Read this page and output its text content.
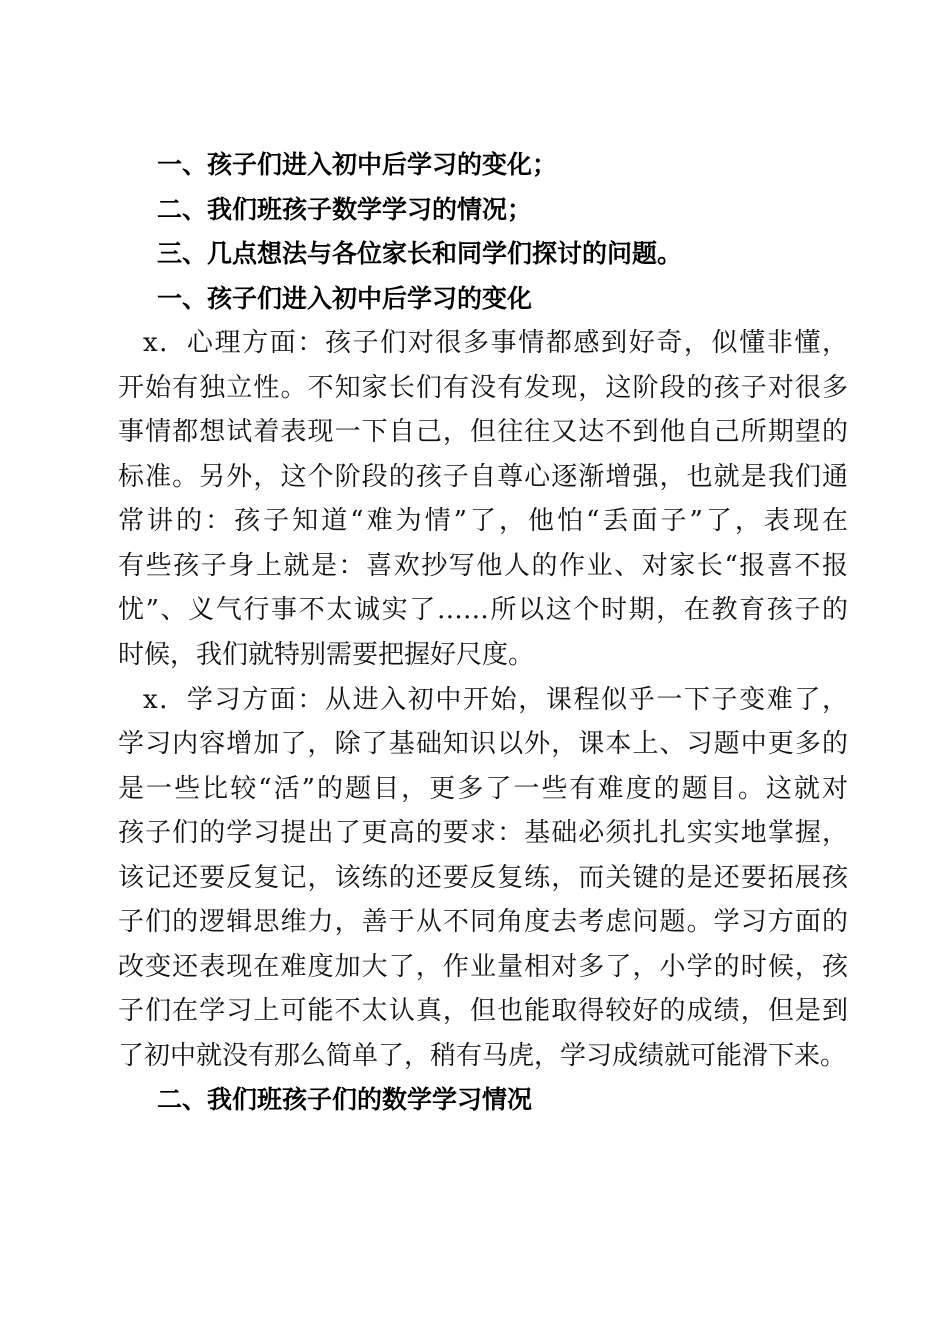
一、孩子们进入初中后学习的变化；
二、我们班孩子数学学习的情况；
三、几点想法与各位家长和同学们探讨的问题。
一、孩子们进入初中后学习的变化
x．心理方面：孩子们对很多事情都感到好奇，似懂非懂，
开始有独立性。不知家长们有没有发现，这阶段的孩子对很多
事情都想试着表现一下自己，但往往又达不到他自己所期望的
标准。另外，这个阶段的孩子自尊心逐渐增强，也就是我们通
常讲的：孩子知道“难为情”了，他怕“丢面子”了，表现在
有些孩子身上就是：喜欢抄写他人的作业、对家长“报喜不报
忧”、义气行事不太诚实了……所以这个时期，在教育孩子的
时候，我们就特别需要把握好尺度。
x．学习方面：从进入初中开始，课程似乎一下子变难了，
学习内容增加了，除了基础知识以外，课本上、习题中更多的
是一些比较“活”的题目，更多了一些有难度的题目。这就对
孩子们的学习提出了更高的要求：基础必须扎扎实实地掌握，
该记还要反复记，该练的还要反复练，而关键的是还要拓展孩
子们的逻辑思维力，善于从不同角度去考虑问题。学习方面的
改变还表现在难度加大了，作业量相对多了，小学的时候，孩
子们在学习上可能不太认真，但也能取得较好的成绩，但是到
了初中就没有那么简单了，稍有马虎，学习成绩就可能滑下来。
二、我们班孩子们的数学学习情况
